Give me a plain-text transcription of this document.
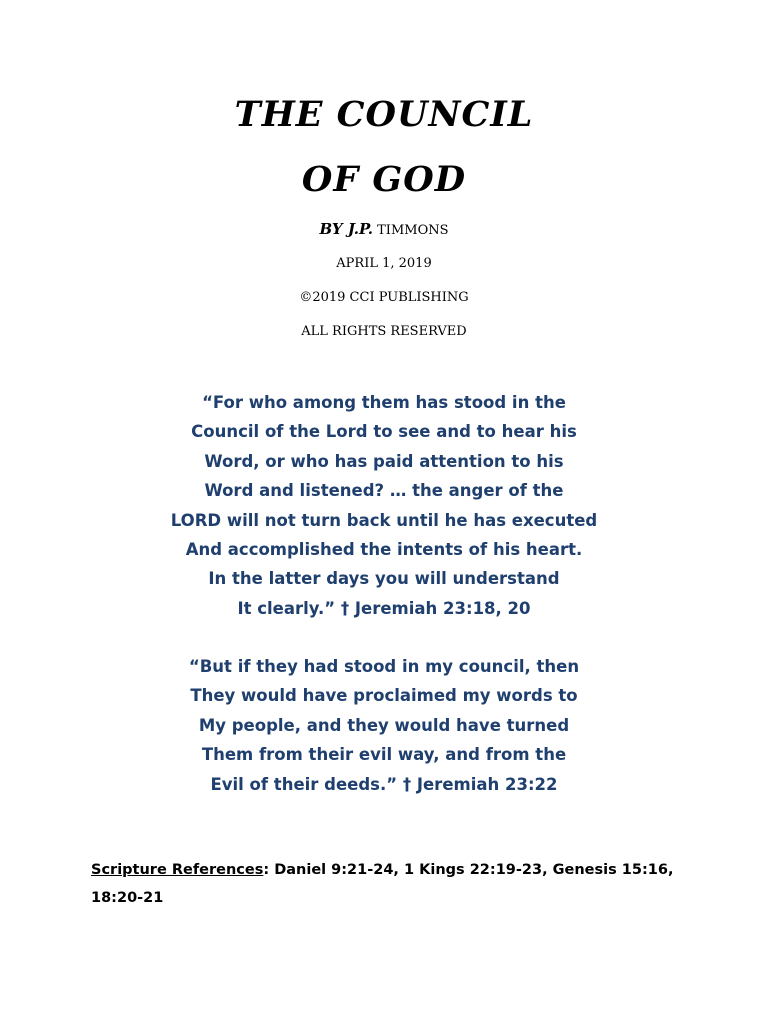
THE COUNCIL
OF GOD
BY J.P. TIMMONS
APRIL 1, 2019
©2019 CCI PUBLISHING
ALL RIGHTS RESERVED
“For who among them has stood in the
Council of the Lord to see and to hear his
Word, or who has paid attention to his
Word and listened? … the anger of the
LORD will not turn back until he has executed
And accomplished the intents of his heart.
In the latter days you will understand
It clearly.” † Jeremiah 23:18, 20
“But if they had stood in my council, then
They would have proclaimed my words to
My people, and they would have turned
Them from their evil way, and from the
Evil of their deeds.” † Jeremiah 23:22
Scripture References: Daniel 9:21-24, 1 Kings 22:19-23, Genesis 15:16, 18:20-21
